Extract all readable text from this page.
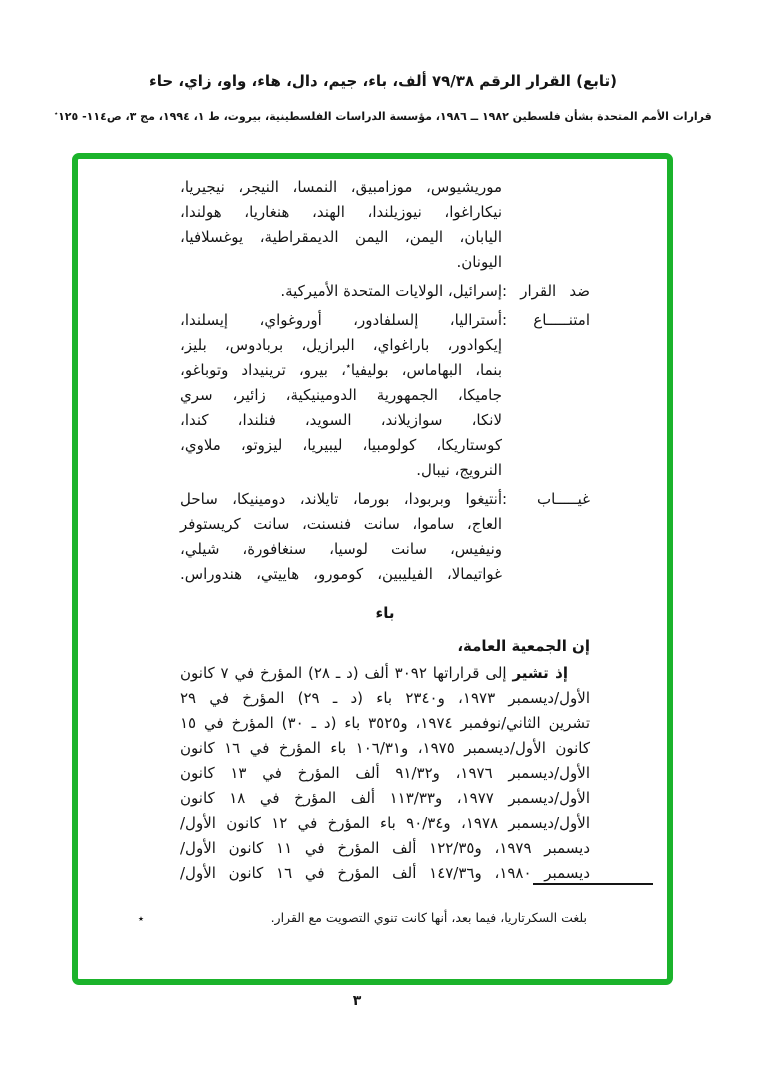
(تابع) القرار الرقم ٧٩/٣٨ ألف، باء، جيم، دال، هاء، واو، زاي، حاء
قرارات الأمم المتحدة بشأن فلسطين ١٩٨٢ ــ ١٩٨٦، مؤسسة الدراسات الفلسطينية، بيروت، ط ١، ١٩٩٤، مج ٣، ص١١٤- ١٢٥٭
موريشيوس، موزامبيق، النمسا، النيجر، نيجيريا،
نيكاراغوا، نيوزيلندا، الهند، هنغاريا، هولندا،
اليابان، اليمن، اليمن الديمقراطية، يوغسلافيا،
اليونان.
ضد القرار :
إسرائيل، الولايات المتحدة الأميركية.
امتنـــــاع :
أستراليا، إلسلفادور، أوروغواي، إيسلندا،
إيكوادور، باراغواي، البرازيل، بربادوس، بليز،
بنما، البهاماس، بوليفيا٭، بيرو، ترينيداد وتوباغو،
جاميكا، الجمهورية الدومينيكية، زائير، سري
لانكا، سوازيلاند، السويد، فنلندا، كندا،
كوستاريكا، كولومبيا، ليبيريا، ليزوتو، ملاوي،
النرويج، نيبال.
غيـــــاب :
أنتيغوا وبربودا، بورما، تايلاند، دومينيكا، ساحل
العاج، ساموا، سانت فنسنت، سانت كريستوفر
ونيفيس، سانت لوسيا، سنغافورة، شيلي،
غواتيمالا، الفيليبين، كومورو، هاييتي، هندوراس.
باء
إن الجمعية العامة،
إذ تشير إلى قراراتها ٣٠٩٢ ألف (د ـ ٢٨) المؤرخ في ٧ كانون
الأول/ديسمبر ١٩٧٣، و٢٣٤٠ باء (د ـ ٢٩) المؤرخ في ٢٩
تشرين الثاني/نوفمبر ١٩٧٤، و٣٥٢٥ باء (د ـ ٣٠) المؤرخ في ١٥
كانون الأول/ديسمبر ١٩٧٥، و١٠٦/٣١ باء المؤرخ في ١٦ كانون
الأول/ديسمبر ١٩٧٦، و٩١/٣٢ ألف المؤرخ في ١٣ كانون
الأول/ديسمبر ١٩٧٧، و١١٣/٣٣ ألف المؤرخ في ١٨ كانون
الأول/ديسمبر ١٩٧٨، و٩٠/٣٤ باء المؤرخ في ١٢ كانون الأول/
ديسمبر ١٩٧٩، و١٢٢/٣٥ ألف المؤرخ في ١١ كانون الأول/
ديسمبر ١٩٨٠، و١٤٧/٣٦ ألف المؤرخ في ١٦ كانون الأول/
بلغت السكرتاريا، فيما بعد، أنها كانت تنوي التصويت مع القرار.
٭
٣
